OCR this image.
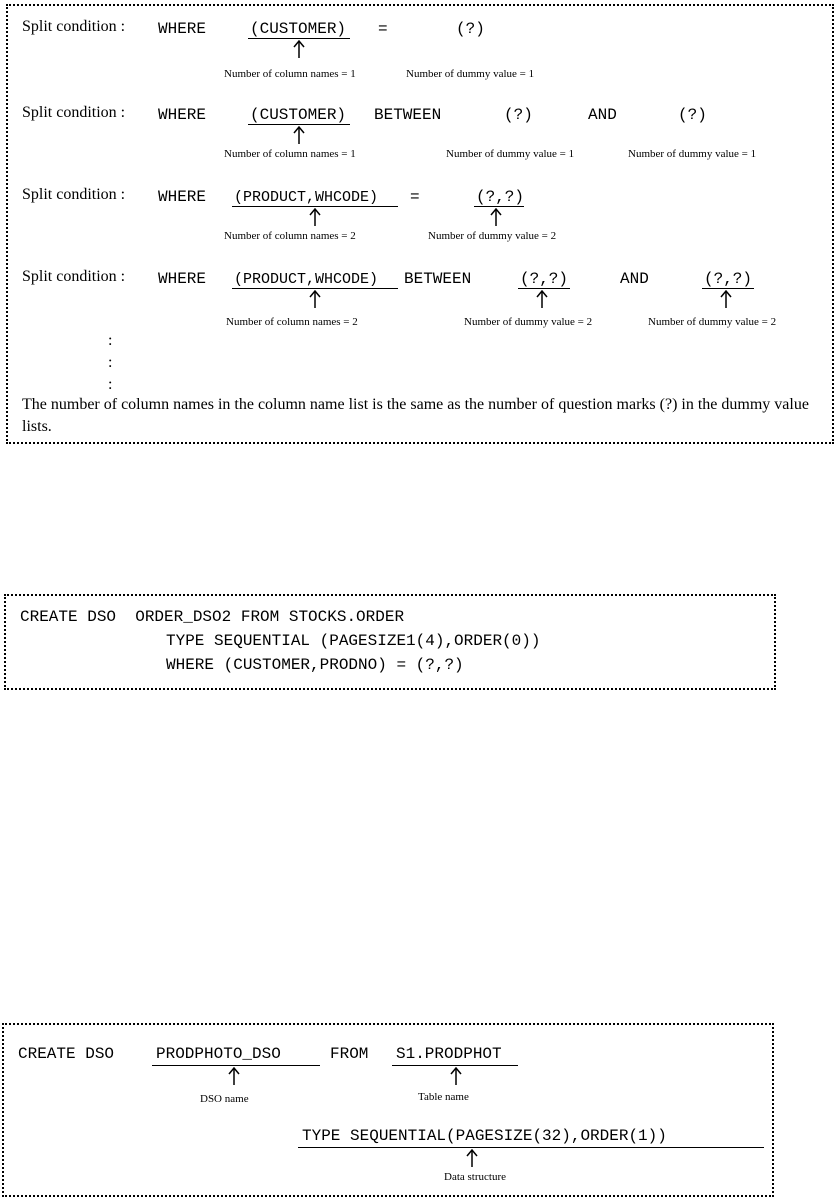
Split condition : WHERE	(CUSTOMER) =	(?)
Number of column names = 1	Number of dummy value = 1
Split condition : WHERE	(CUSTOMER) BETWEEN	(?)	AND	(?)
Number of column names = 1	Number of dummy value = 1	Number of dummy value = 1
Split condition : WHERE (PRODUCT,WHCODE) =	(?,?)
Number of column names = 2	Number of dummy value = 2
Split condition : WHERE (PRODUCT,WHCODE) BETWEEN	(?,?)	AND	(?,?)
Number of column names = 2	Number of dummy value = 2	Number of dummy value = 2
:
:
:
The number of column names in the column name list is the same as the number of question marks (?) in the dummy value lists.
CREATE DSO  ORDER_DSO2 FROM STOCKS.ORDER
TYPE SEQUENTIAL (PAGESIZE1(4),ORDER(0))
WHERE (CUSTOMER,PRODNO) = (?,?)
CREATE DSO	PRODPHOTO_DSO	FROM S1.PRODPHOT
DSO name	Table name
TYPE SEQUENTIAL(PAGESIZE(32),ORDER(1))
Data structure
